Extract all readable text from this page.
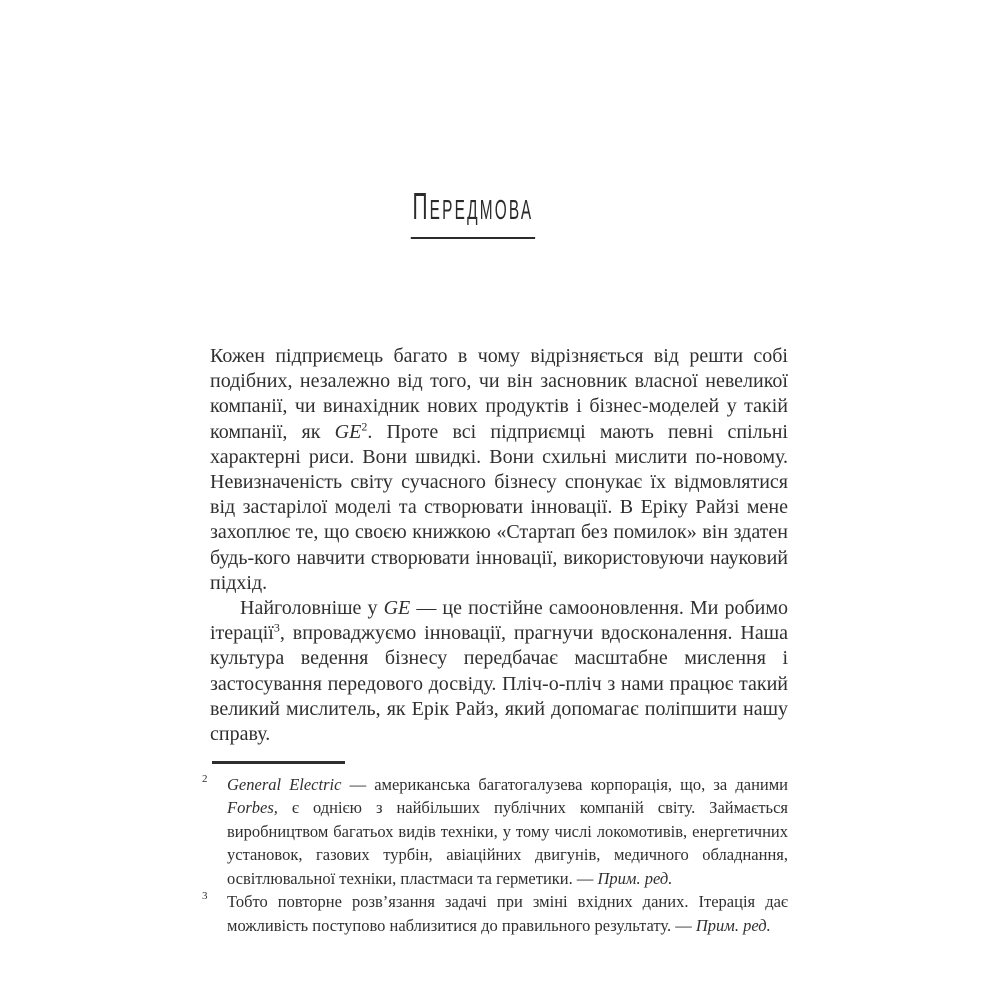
ПЕРЕДМОВА

Кожен підприємець багато в чому відрізняється від решти собі подібних, незалежно від того, чи він засновник власної невеликої компанії, чи винахідник нових продуктів і бізнес-моделей у такій компанії, як $GE^2$. Проте всі підприємці мають певні спільні характерні риси. Вони швидкі. Вони схильні мислити по-новому. Невизначеність світу сучасного бізнесу спонукає їх відмовлятися від застарілої моделі та створювати інновації. В Еріку Райзі мене захоплює те, що своєю книжкою «Стартап без помилок» він здатен будь-кого навчити створювати інновації, використовуючи науковий підхід.

Найголовніше у GE — це постійне самооновлення. Ми робимо ітерації$^3$, впроваджуємо інновації, прагнучи вдосконалення. Наша культура ведення бізнесу передбачає масштабне мислення і застосування передового досвіду. Пліч-о-пліч з нами працює такий великий мислитель, як Ерік Райз, який допомагає поліпшити нашу справу.

2 General Electric — американська багатогалузева корпорація, що, за даними Forbes, є однією з найбільших публічних компаній світу. Займається виробництвом багатьох видів техніки, у тому числі локомотивів, енергетичних установок, газових турбін, авіаційних двигунів, медичного обладнання, освітлювальної техніки, пластмаси та герметики. — Прим. ред.
3 Тобто повторне розв’язання задачі при зміні вхідних даних. Ітерація дає можливість поступово наблизитися до правильного результату. — Прим. ред.
